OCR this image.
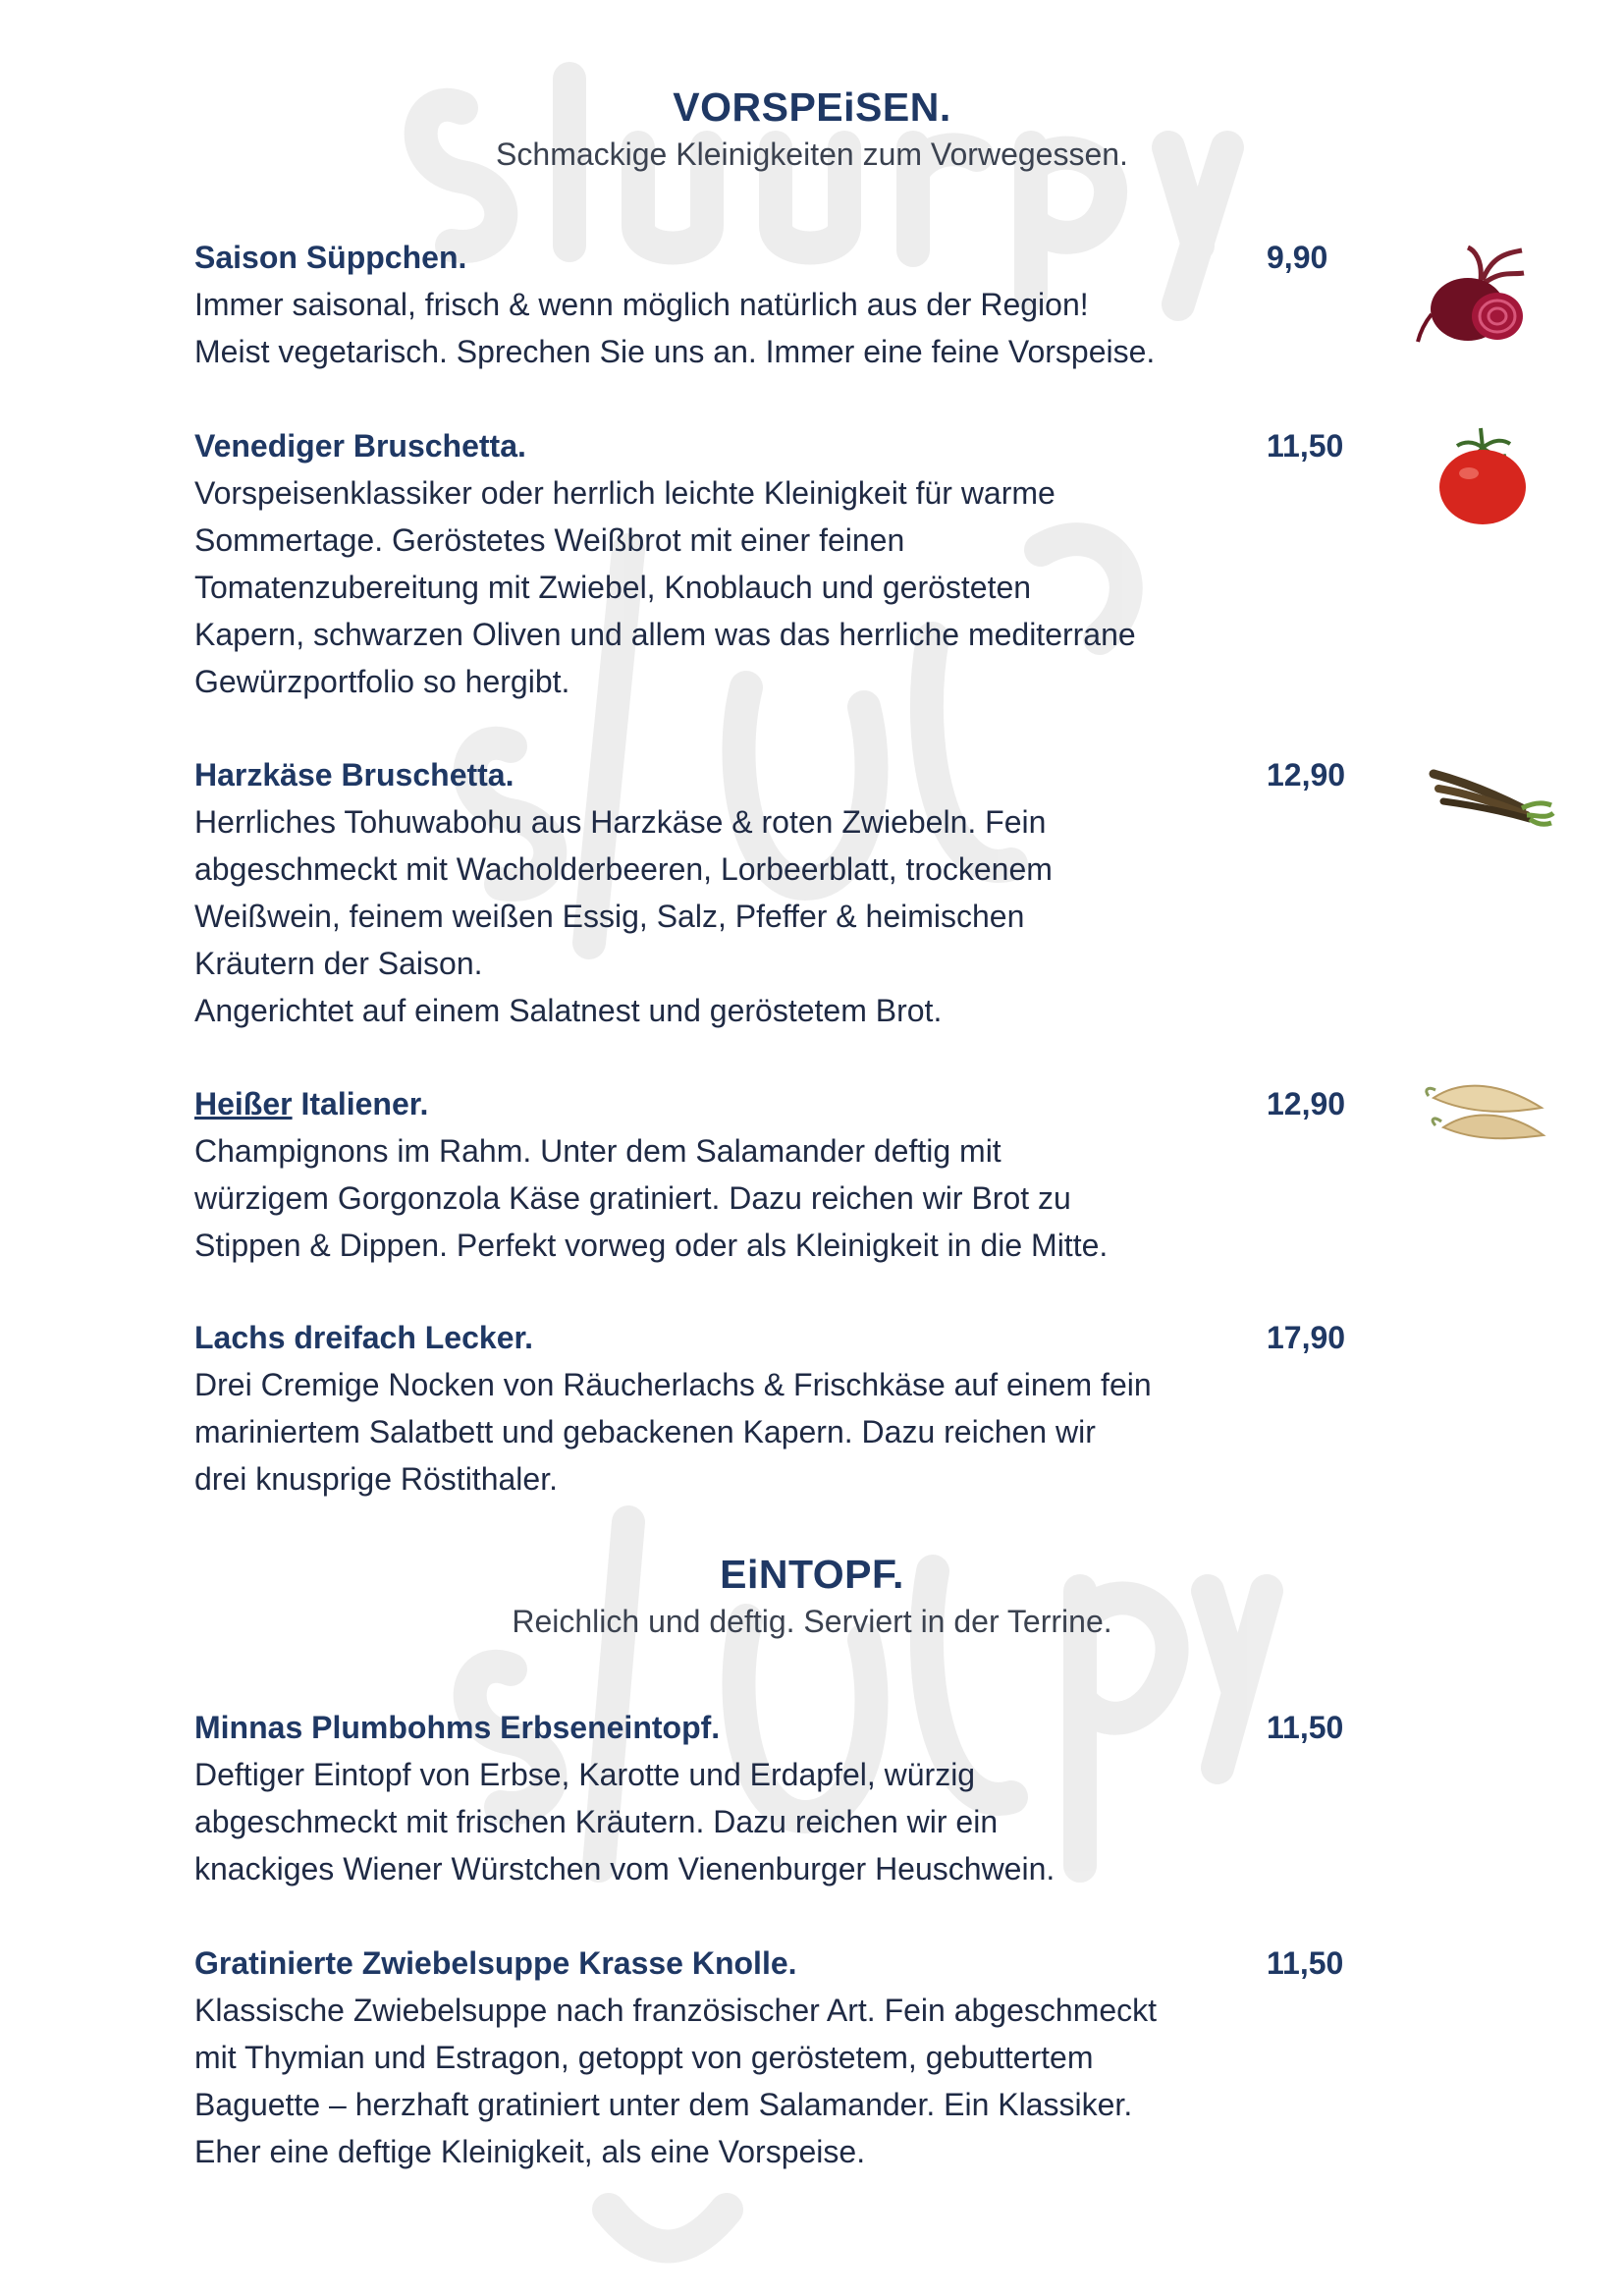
VORSPEiSEN.
Schmackige Kleinigkeiten zum Vorwegessen.
Saison Süppchen.
Immer saisonal, frisch & wenn möglich natürlich aus der Region!
Meist vegetarisch. Sprechen Sie uns an. Immer eine feine Vorspeise.
9,90
Venediger Bruschetta.
Vorspeisenklassiker oder herrlich leichte Kleinigkeit für warme
Sommertage. Geröstetes Weißbrot mit einer feinen
Tomatenzubereitung mit Zwiebel, Knoblauch und gerösteten
Kapern, schwarzen Oliven und allem was das herrliche mediterrane
Gewürzportfolio so hergibt.
11,50
Harzkäse Bruschetta.
Herrliches Tohuwabohu aus Harzkäse & roten Zwiebeln. Fein
abgeschmeckt mit Wacholderbeeren, Lorbeerblatt, trockenem
Weißwein, feinem weißen Essig, Salz, Pfeffer & heimischen
Kräutern der Saison.
Angerichtet auf einem Salatnest und geröstetem Brot.
12,90
Heißer Italiener.
Champignons im Rahm. Unter dem Salamander deftig mit
würzigem Gorgonzola Käse gratiniert. Dazu reichen wir Brot zu
Stippen & Dippen. Perfekt vorweg oder als Kleinigkeit in die Mitte.
12,90
Lachs dreifach Lecker.
Drei Cremige Nocken von Räucherlachs & Frischkäse auf einem fein
mariniertem Salatbett und gebackenen Kapern. Dazu reichen wir
drei knusprige Röstithaler.
17,90
EiNTOPF.
Reichlich und deftig. Serviert in der Terrine.
Minnas Plumbohms Erbseneintopf.
Deftiger Eintopf von Erbse, Karotte und Erdapfel, würzig
abgeschmeckt mit frischen Kräutern. Dazu reichen wir ein
knackiges Wiener Würstchen vom Vienenburger Heuschwein.
11,50
Gratinierte Zwiebelsuppe Krasse Knolle.
Klassische Zwiebelsuppe nach französischer Art. Fein abgeschmeckt
mit Thymian und Estragon, getoppt von geröstetem, gebuttertem
Baguette – herzhaft gratiniert unter dem Salamander. Ein Klassiker.
Eher eine deftige Kleinigkeit, als eine Vorspeise.
11,50
